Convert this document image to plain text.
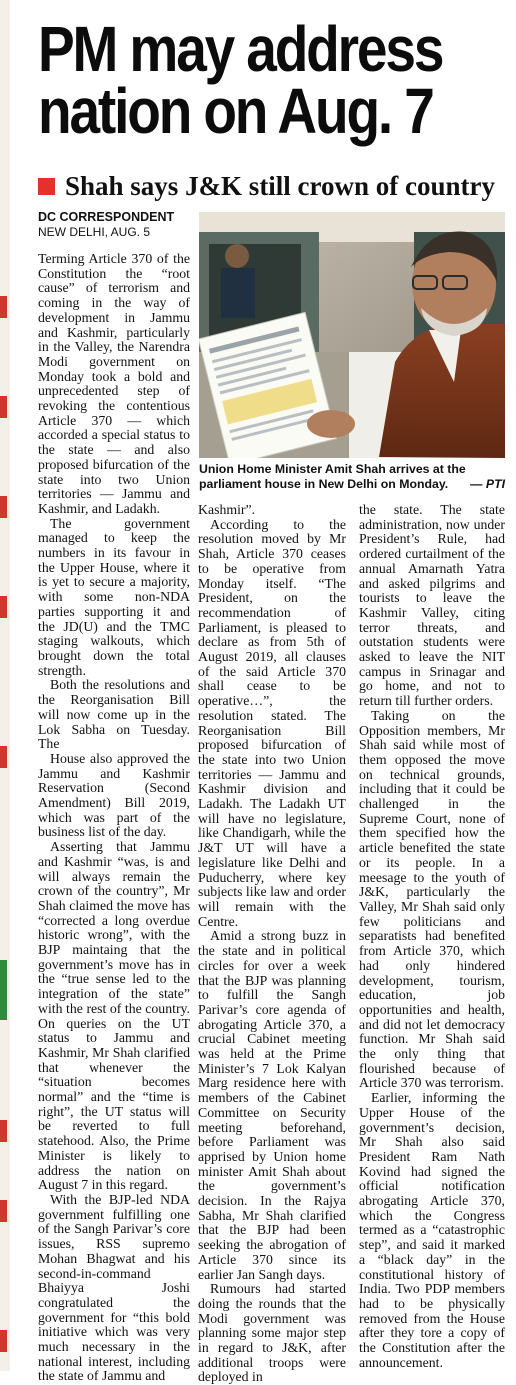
PM may address
nation on Aug. 7
Shah says J&K still crown of country
DC CORRESPONDENT
NEW DELHI, AUG. 5

Terming Article 370 of the Constitution the “root cause” of terrorism and coming in the way of development in Jammu and Kashmir, particularly in the Valley, the Narendra Modi government on Monday took a bold and unprecedented step of revoking the contentious Article 370 — which accorded a special status to the state — and also proposed bifurcation of the state into two Union territories — Jammu and Kashmir, and Ladakh.

The government managed to keep the numbers in its favour in the Upper House, where it is yet to secure a majority, with some non-NDA parties supporting it and the JD(U) and the TMC staging walkouts, which brought down the total strength.

Both the resolutions and the Reorganisation Bill will now come up in the Lok Sabha on Tuesday. The

House also approved the Jammu and Kashmir Reservation (Second Amendment) Bill 2019, which was part of the business list of the day.

Asserting that Jammu and Kashmir “was, is and will always remain the crown of the country”, Mr Shah claimed the move has “corrected a long overdue historic wrong”, with the BJP maintaing that the government’s move has in the “true sense led to the integration of the state” with the rest of the country. On queries on the UT status to Jammu and Kashmir, Mr Shah clarified that whenever the “situation becomes normal” and the “time is right”, the UT status will be reverted to full statehood. Also, the Prime Minister is likely to address the nation on August 7 in this regard.

With the BJP-led NDA government fulfilling one of the Sangh Parivar’s core issues, RSS supremo Mohan Bhagwat and his second-in-command Bhaiyya Joshi congratulated the government for “this bold initiative which was very much necessary in the national interest, including the state of Jammu and

Union Home Minister Amit Shah arrives at the parliament house in New Delhi on Monday. — PTI

Kashmir”.

According to the resolution moved by Mr Shah, Article 370 ceases to be operative from Monday itself. “The President, on the recommendation of Parliament, is pleased to declare as from 5th of August 2019, all clauses of the said Article 370 shall cease to be operative…”, the resolution stated. The Reorganisation Bill proposed bifurcation of the state into two Union territories — Jammu and Kashmir division and Ladakh. The Ladakh UT will have no legislature, like Chandigarh, while the J&T UT will have a legislature like Delhi and Puducherry, where key subjects like law and order will remain with the Centre.

Amid a strong buzz in the state and in political circles for over a week that the BJP was planning to fulfill the Sangh Parivar’s core agenda of abrogating Article 370, a crucial Cabinet meeting was held at the Prime Minister’s 7 Lok Kalyan Marg residence here with members of the Cabinet Committee on Security meeting beforehand, before Parliament was apprised by Union home minister Amit Shah about the government’s decision. In the Rajya Sabha, Mr Shah clarified that the BJP had been seeking the abrogation of Article 370 since its earlier Jan Sangh days.

Rumours had started doing the rounds that the Modi government was planning some major step in regard to J&K, after additional troops were deployed in

the state. The state administration, now under President’s Rule, had ordered curtailment of the annual Amarnath Yatra and asked pilgrims and tourists to leave the Kashmir Valley, citing terror threats, and outstation students were asked to leave the NIT campus in Srinagar and go home, and not to return till further orders.

Taking on the Opposition members, Mr Shah said while most of them opposed the move on technical grounds, including that it could be challenged in the Supreme Court, none of them specified how the article benefited the state or its people. In a meesage to the youth of J&K, particularly the Valley, Mr Shah said only few politicians and separatists had benefited from Article 370, which had only hindered development, tourism, education, job opportunities and health, and did not let democracy function. Mr Shah said the only thing that flourished because of Article 370 was terrorism.

Earlier, informing the Upper House of the government’s decision, Mr Shah also said President Ram Nath Kovind had signed the official notification abrogating Article 370, which the Congress termed as a “catastrophic step”, and said it marked a “black day” in the constitutional history of India. Two PDP members had to be physically removed from the House after they tore a copy of the Constitution after the announcement.
